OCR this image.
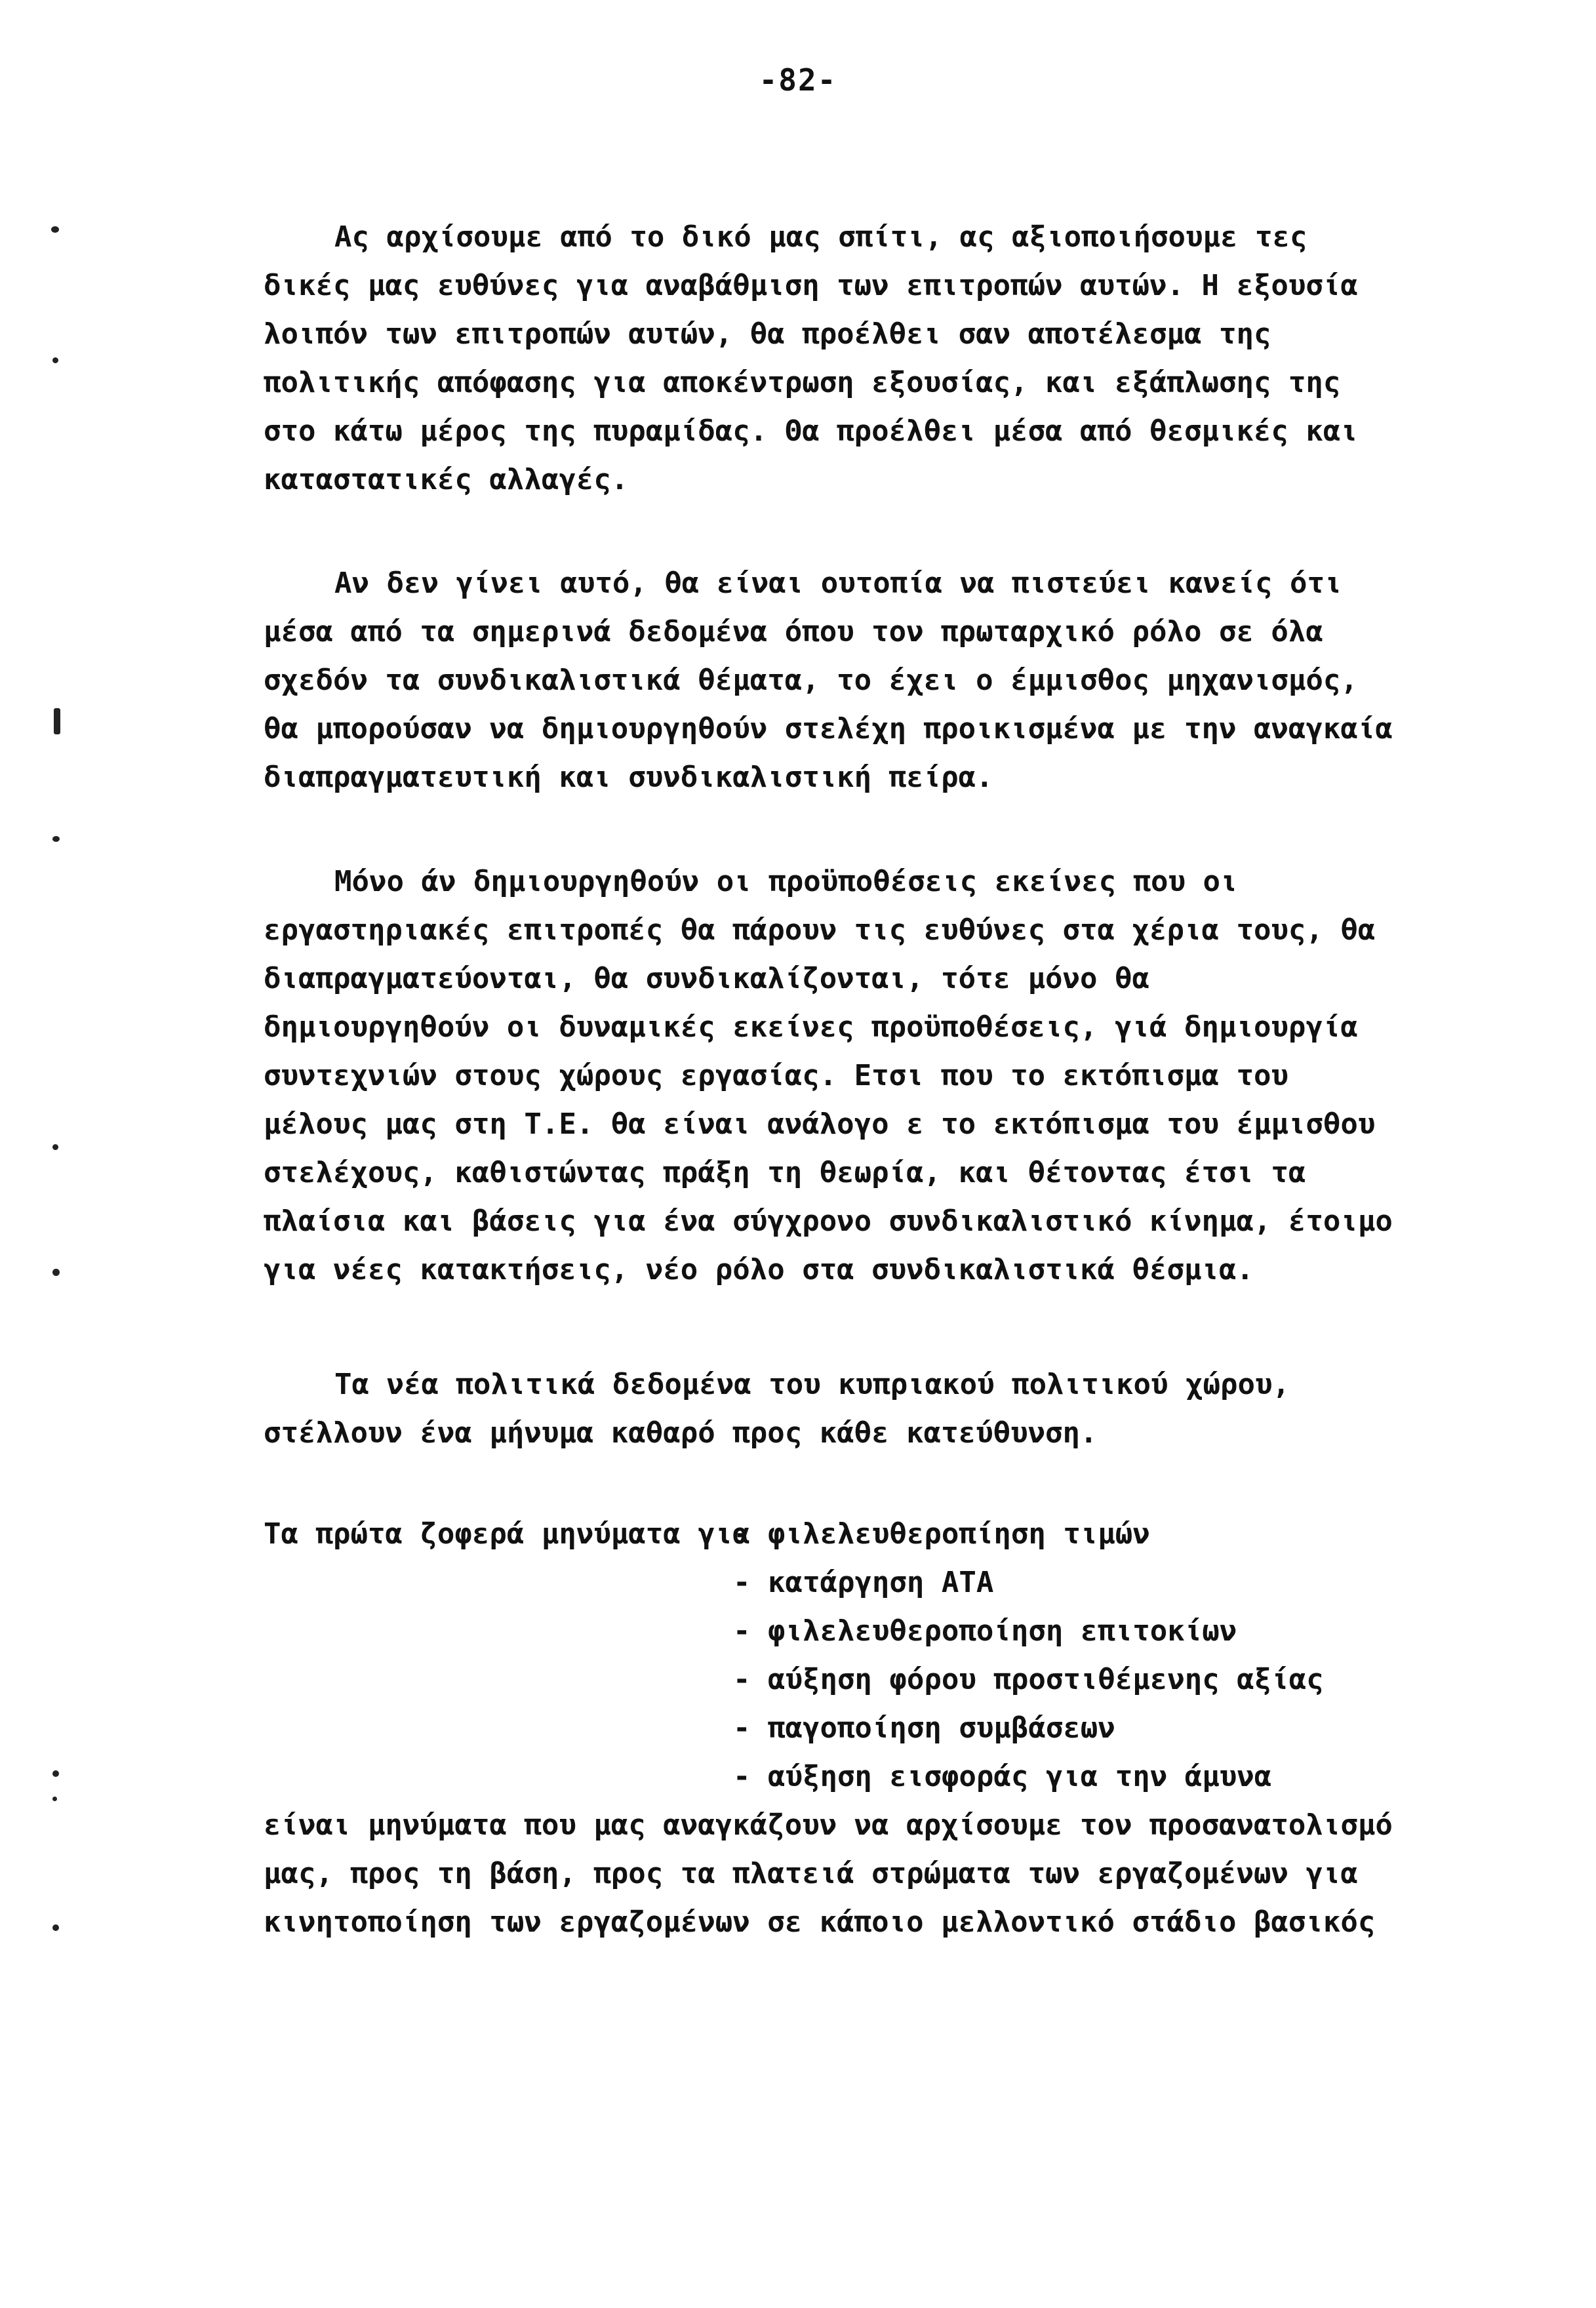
-82-
Ας αρχίσουμε από το δικό μας σπίτι, ας αξιοποιήσουμε τες
δικές μας ευθύνες για αναβάθμιση των επιτροπών αυτών. Η εξουσία
λοιπόν των επιτροπών αυτών, θα προέλθει σαν αποτέλεσμα της
πολιτικής απόφασης για αποκέντρωση εξουσίας, και εξάπλωσης της
στο κάτω μέρος της πυραμίδας. Θα προέλθει μέσα από θεσμικές και
καταστατικές αλλαγές.
Αν δεν γίνει αυτό, θα είναι ουτοπία να πιστεύει κανείς ότι
μέσα από τα σημερινά δεδομένα όπου τον πρωταρχικό ρόλο σε όλα
σχεδόν τα συνδικαλιστικά θέματα, το έχει ο έμμισθος μηχανισμός,
θα μπορούσαν να δημιουργηθούν στελέχη προικισμένα με την αναγκαία
διαπραγματευτική και συνδικαλιστική πείρα.
Μόνο άν δημιουργηθούν οι προϋποθέσεις εκείνες που οι
εργαστηριακές επιτροπές θα πάρουν τις ευθύνες στα χέρια τους, θα
διαπραγματεύονται, θα συνδικαλίζονται, τότε μόνο θα
δημιουργηθούν οι δυναμικές εκείνες προϋποθέσεις, γιά δημιουργία
συντεχνιών στους χώρους εργασίας. Ετσι που το εκτόπισμα του
μέλους μας στη Τ.Ε. θα είναι ανάλογο ε το εκτόπισμα του έμμισθου
στελέχους, καθιστώντας πράξη τη θεωρία, και θέτοντας έτσι τα
πλαίσια και βάσεις για ένα σύγχρονο συνδικαλιστικό κίνημα, έτοιμο
για νέες κατακτήσεις, νέο ρόλο στα συνδικαλιστικά θέσμια.
Τα νέα πολιτικά δεδομένα του κυπριακού πολιτικού χώρου,
στέλλουν ένα μήνυμα καθαρό προς κάθε κατεύθυνση.
Τα πρώτα ζοφερά μηνύματα για- φιλελευθεροπίηση τιμών
- κατάργηση ΑΤΑ
- φιλελευθεροποίηση επιτοκίων
- αύξηση φόρου προστιθέμενης αξίας
- παγοποίηση συμβάσεων
- αύξηση εισφοράς για την άμυνα
είναι μηνύματα που μας αναγκάζουν να αρχίσουμε τον προσανατολισμό
μας, προς τη βάση, προς τα πλατειά στρώματα των εργαζομένων για
κινητοποίηση των εργαζομένων σε κάποιο μελλοντικό στάδιο βασικός
